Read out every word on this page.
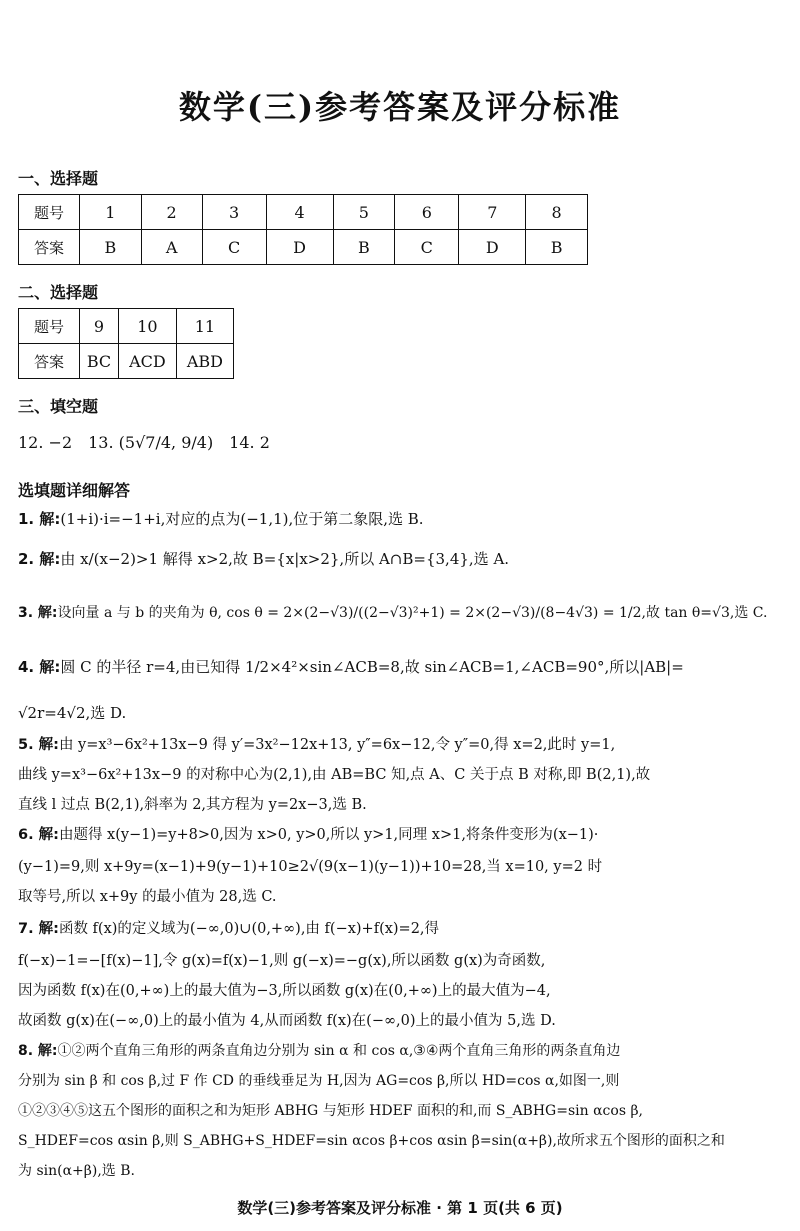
数学(三)参考答案及评分标准
一、选择题
题号	1	2	3	4	5	6	7	8
答案	B	A	C	D	B	C	D	B
二、选择题
题号	9	10	11
答案	BC	ACD	ABD
三、填空题
12. −2　13. (5√7/4, 9/4)　14. 2
选填题详细解答
1. 解:(1+i)·i=−1+i,对应的点为(−1,1),位于第二象限,选 B.
2. 解:由 x/(x−2)>1 解得 x>2,故 B={x|x>2},所以 A∩B={3,4},选 A.
3. 解:设向量 a 与 b 的夹角为 θ, cos θ = 2×(2−√3)/((2−√3)²+1) = 2×(2−√3)/(8−4√3) = 1/2,故 tan θ=√3,选 C.
4. 解:圆 C 的半径 r=4,由已知得 1/2×4²×sin∠ACB=8,故 sin∠ACB=1,∠ACB=90°,所以|AB|=
√2r=4√2,选 D.
5. 解:由 y=x³−6x²+13x−9 得 y′=3x²−12x+13, y″=6x−12,令 y″=0,得 x=2,此时 y=1,
曲线 y=x³−6x²+13x−9 的对称中心为(2,1),由 AB=BC 知,点 A、C 关于点 B 对称,即 B(2,1),故
直线 l 过点 B(2,1),斜率为 2,其方程为 y=2x−3,选 B.
6. 解:由题得 x(y−1)=y+8>0,因为 x>0, y>0,所以 y>1,同理 x>1,将条件变形为(x−1)·
(y−1)=9,则 x+9y=(x−1)+9(y−1)+10≥2√(9(x−1)(y−1))+10=28,当 x=10, y=2 时
取等号,所以 x+9y 的最小值为 28,选 C.
7. 解:函数 f(x)的定义域为(−∞,0)∪(0,+∞),由 f(−x)+f(x)=2,得
f(−x)−1=−[f(x)−1],令 g(x)=f(x)−1,则 g(−x)=−g(x),所以函数 g(x)为奇函数,
因为函数 f(x)在(0,+∞)上的最大值为−3,所以函数 g(x)在(0,+∞)上的最大值为−4,
故函数 g(x)在(−∞,0)上的最小值为 4,从而函数 f(x)在(−∞,0)上的最小值为 5,选 D.
8. 解:①②两个直角三角形的两条直角边分别为 sin α 和 cos α,③④两个直角三角形的两条直角边
分别为 sin β 和 cos β,过 F 作 CD 的垂线垂足为 H,因为 AG=cos β,所以 HD=cos α,如图一,则
①②③④⑤这五个图形的面积之和为矩形 ABHG 与矩形 HDEF 面积的和,而 S_ABHG=sin αcos β,
S_HDEF=cos αsin β,则 S_ABHG+S_HDEF=sin αcos β+cos αsin β=sin(α+β),故所求五个图形的面积之和
为 sin(α+β),选 B.
数学(三)参考答案及评分标准 · 第 1 页(共 6 页)
